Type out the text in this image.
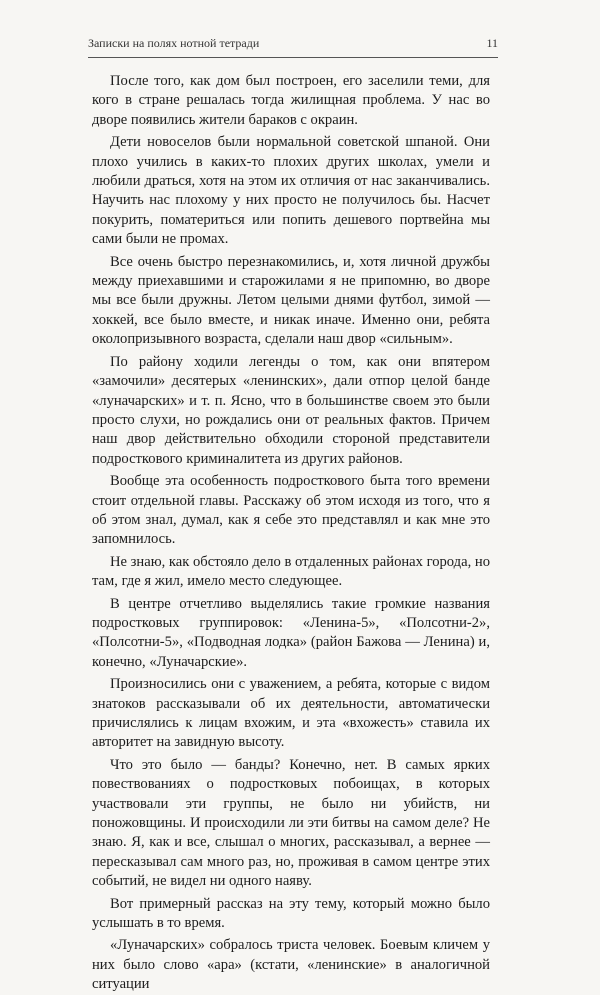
Записки на полях нотной тетради	11

После того, как дом был построен, его заселили теми, для кого в стране решалась тогда жилищная проблема. У нас во дворе появились жители бараков с окраин.

Дети новоселов были нормальной советской шпаной. Они плохо учились в каких-то плохих других школах, умели и любили драться, хотя на этом их отличия от нас заканчивались. Научить нас плохому у них просто не получилось бы. Насчет покурить, поматериться или попить дешевого портвейна мы сами были не промах.

Все очень быстро перезнакомились, и, хотя личной дружбы между приехавшими и старожилами я не припомню, во дворе мы все были дружны. Летом целыми днями футбол, зимой — хоккей, все было вместе, и никак иначе. Именно они, ребята околопризывного возраста, сделали наш двор «сильным».

По району ходили легенды о том, как они впятером «замочили» десятерых «ленинских», дали отпор целой банде «луначарских» и т. п. Ясно, что в большинстве своем это были просто слухи, но рождались они от реальных фактов. Причем наш двор действительно обходили стороной представители подросткового криминалитета из других районов.

Вообще эта особенность подросткового быта того времени стоит отдельной главы. Расскажу об этом исходя из того, что я об этом знал, думал, как я себе это представлял и как мне это запомнилось.

Не знаю, как обстояло дело в отдаленных районах города, но там, где я жил, имело место следующее.

В центре отчетливо выделялись такие громкие названия подростковых группировок: «Ленина-5», «Полсотни-2», «Полсотни-5», «Подводная лодка» (район Бажова — Ленина) и, конечно, «Луначарские».

Произносились они с уважением, а ребята, которые с видом знатоков рассказывали об их деятельности, автоматически причислялись к лицам вхожим, и эта «вхожесть» ставила их авторитет на завидную высоту.

Что это было — банды? Конечно, нет. В самых ярких повествованиях о подростковых побоищах, в которых участвовали эти группы, не было ни убийств, ни поножовщины. И происходили ли эти битвы на самом деле? Не знаю. Я, как и все, слышал о многих, рассказывал, а вернее — пересказывал сам много раз, но, проживая в самом центре этих событий, не видел ни одного наяву.

Вот примерный рассказ на эту тему, который можно было услышать в то время.

«Луначарских» собралось триста человек. Боевым кличем у них было слово «ара» (кстати, «ленинские» в аналогичной ситуации
